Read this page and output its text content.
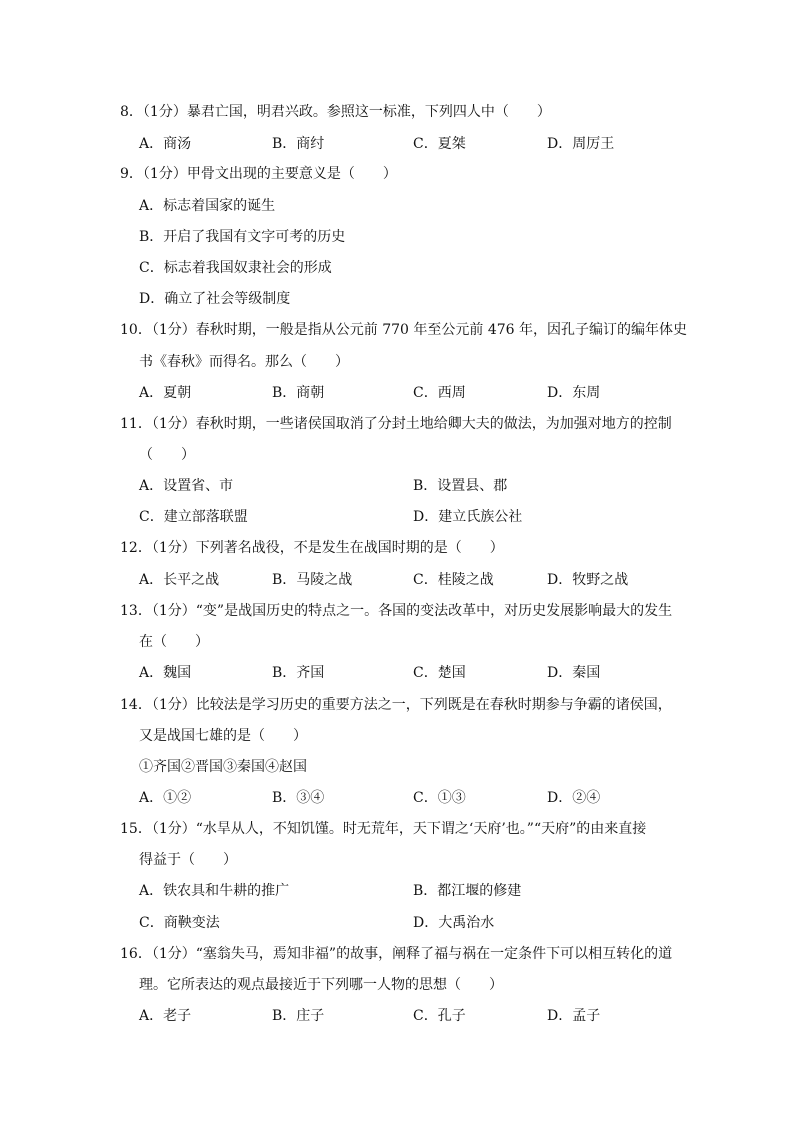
8．（1分）暴君亡国，明君兴政。参照这一标准，下列四人中（　　）
A．商汤	B．商纣	C．夏桀	D．周厉王
9．（1分）甲骨文出现的主要意义是（　　）
A．标志着国家的诞生
B．开启了我国有文字可考的历史
C．标志着我国奴隶社会的形成
D．确立了社会等级制度
10．（1分）春秋时期，一般是指从公元前 770 年至公元前 476 年，因孔子编订的编年体史
书《春秋》而得名。那么（　　）
A．夏朝	B．商朝	C．西周	D．东周
11．（1分）春秋时期，一些诸侯国取消了分封土地给卿大夫的做法，为加强对地方的控制
（　　）
A．设置省、市	B．设置县、郡
C．建立部落联盟	D．建立氏族公社
12．（1分）下列著名战役，不是发生在战国时期的是（　　）
A．长平之战	B．马陵之战	C．桂陵之战	D．牧野之战
13．（1分）“变”是战国历史的特点之一。各国的变法改革中，对历史发展影响最大的发生
在（　　）
A．魏国	B．齐国	C．楚国	D．秦国
14．（1分）比较法是学习历史的重要方法之一，下列既是在春秋时期参与争霸的诸侯国，
又是战国七雄的是（　　）
①齐国②晋国③秦国④赵国
A．①②	B．③④	C．①③	D．②④
15．（1分）“水旱从人，不知饥馑。时无荒年，天下谓之‘天府’也。”“天府”的由来直接
得益于（　　）
A．铁农具和牛耕的推广	B．都江堰的修建
C．商鞅变法	D．大禹治水
16．（1分）“塞翁失马，焉知非福”的故事，阐释了福与祸在一定条件下可以相互转化的道
理。它所表达的观点最接近于下列哪一人物的思想（　　）
A．老子	B．庄子	C．孔子	D．孟子
